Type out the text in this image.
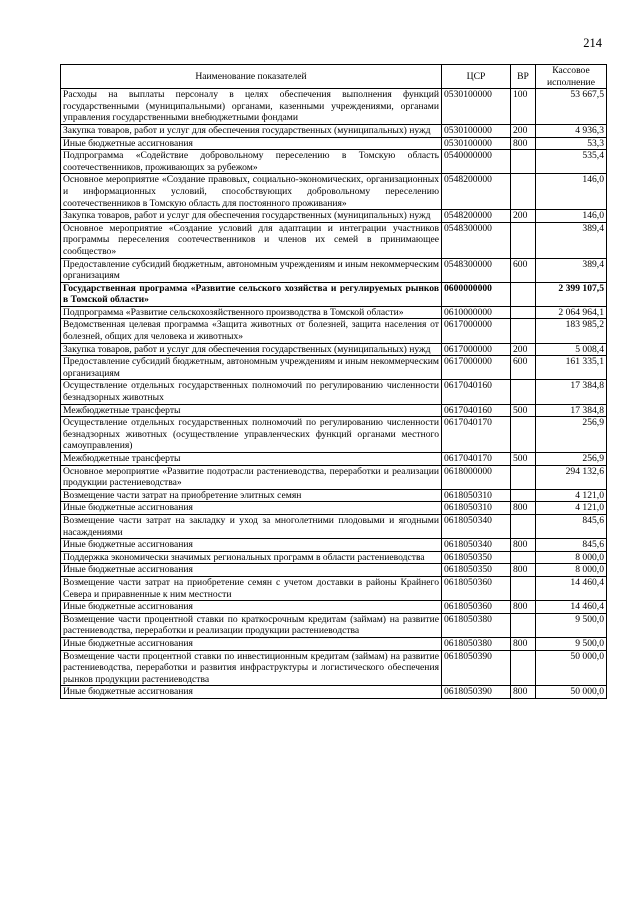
214
Наименование показателей	ЦСР	ВР	Кассовое исполнение
Расходы на выплаты персоналу в целях обеспечения выполнения функций государственными (муниципальными) органами, казенными учреждениями, органами управления государственными внебюджетными фондами	0530100000	100	53 667,5
Закупка товаров, работ и услуг для обеспечения государственных (муниципальных) нужд	0530100000	200	4 936,3
Иные бюджетные ассигнования	0530100000	800	53,3
Подпрограмма «Содействие добровольному переселению в Томскую область соотечественников, проживающих за рубежом»	0540000000		535,4
Основное мероприятие «Создание правовых, социально-экономических, организационных и информационных условий, способствующих добровольному переселению соотечественников в Томскую область для постоянного проживания»	0548200000		146,0
Закупка товаров, работ и услуг для обеспечения государственных (муниципальных) нужд	0548200000	200	146,0
Основное мероприятие «Создание условий для адаптации и интеграции участников программы переселения соотечественников и членов их семей в принимающее сообщество»	0548300000		389,4
Предоставление субсидий бюджетным, автономным учреждениям и иным некоммерческим организациям	0548300000	600	389,4
Государственная программа «Развитие сельского хозяйства и регулируемых рынков в Томской области»	0600000000		2 399 107,5
Подпрограмма «Развитие сельскохозяйственного производства в Томской области»	0610000000		2 064 964,1
Ведомственная целевая программа «Защита животных от болезней, защита населения от болезней, общих для человека и животных»	0617000000		183 985,2
Закупка товаров, работ и услуг для обеспечения государственных (муниципальных) нужд	0617000000	200	5 008,4
Предоставление субсидий бюджетным, автономным учреждениям и иным некоммерческим организациям	0617000000	600	161 335,1
Осуществление отдельных государственных полномочий по регулированию численности безнадзорных животных	0617040160		17 384,8
Межбюджетные трансферты	0617040160	500	17 384,8
Осуществление отдельных государственных полномочий по регулированию численности безнадзорных животных (осуществление управленческих функций органами местного самоуправления)	0617040170		256,9
Межбюджетные трансферты	0617040170	500	256,9
Основное мероприятие «Развитие подотрасли растениеводства, переработки и реализации продукции растениеводства»	0618000000		294 132,6
Возмещение части затрат на приобретение элитных семян	0618050310		4 121,0
Иные бюджетные ассигнования	0618050310	800	4 121,0
Возмещение части затрат на закладку и уход за многолетними плодовыми и ягодными насаждениями	0618050340		845,6
Иные бюджетные ассигнования	0618050340	800	845,6
Поддержка экономически значимых региональных программ в области растениеводства	0618050350		8 000,0
Иные бюджетные ассигнования	0618050350	800	8 000,0
Возмещение части затрат на приобретение семян с учетом доставки в районы Крайнего Севера и приравненные к ним местности	0618050360		14 460,4
Иные бюджетные ассигнования	0618050360	800	14 460,4
Возмещение части процентной ставки по краткосрочным кредитам (займам) на развитие растениеводства, переработки и реализации продукции растениеводства	0618050380		9 500,0
Иные бюджетные ассигнования	0618050380	800	9 500,0
Возмещение части процентной ставки по инвестиционным кредитам (займам) на развитие растениеводства, переработки и развития инфраструктуры и логистического обеспечения рынков продукции растениеводства	0618050390		50 000,0
Иные бюджетные ассигнования	0618050390	800	50 000,0
